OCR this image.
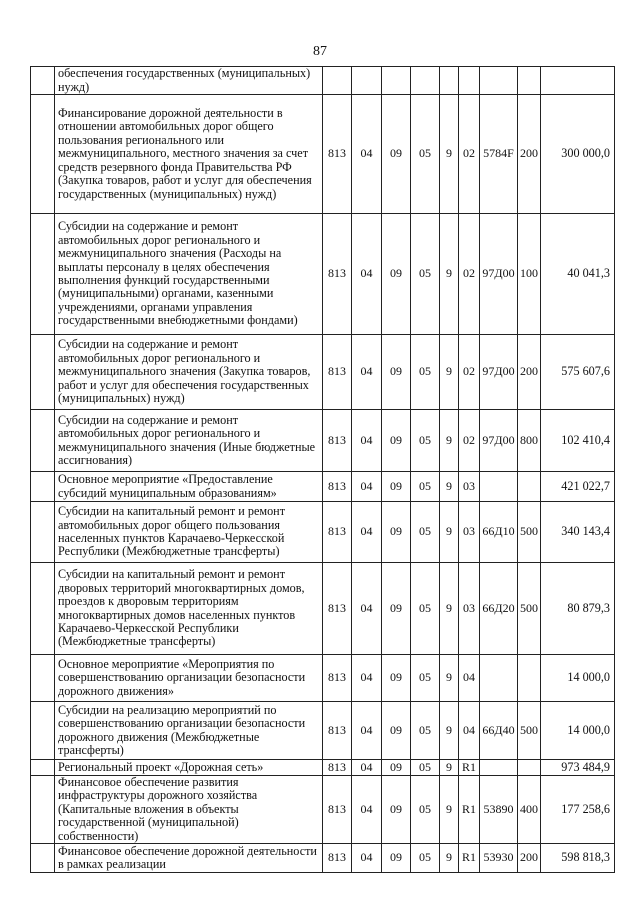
87
	обеспечения государственных (муниципальных) нужд)									
	Финансирование дорожной деятельности в отношении автомобильных дорог общего пользования регионального или межмуниципального, местного значения за счет средств резервного фонда Правительства РФ (Закупка товаров, работ и услуг для обеспечения государственных (муниципальных) нужд)	813	04	09	05	9	02	5784F	200	300 000,0
	Субсидии на содержание и ремонт автомобильных дорог регионального и межмуниципального значения (Расходы на выплаты персоналу в целях обеспечения выполнения функций государственными (муниципальными) органами, казенными учреждениями, органами управления государственными внебюджетными фондами)	813	04	09	05	9	02	97Д00	100	40 041,3
	Субсидии на содержание и ремонт автомобильных дорог регионального и межмуниципального значения (Закупка товаров, работ и услуг для обеспечения государственных (муниципальных) нужд)	813	04	09	05	9	02	97Д00	200	575 607,6
	Субсидии на содержание и ремонт автомобильных дорог регионального и межмуниципального значения (Иные бюджетные ассигнования)	813	04	09	05	9	02	97Д00	800	102 410,4
	Основное мероприятие «Предоставление субсидий муниципальным образованиям»	813	04	09	05	9	03			421 022,7
	Субсидии на капитальный ремонт и ремонт автомобильных дорог общего пользования населенных пунктов Карачаево-Черкесской Республики (Межбюджетные трансферты)	813	04	09	05	9	03	66Д10	500	340 143,4
	Субсидии на капитальный ремонт и ремонт дворовых территорий многоквартирных домов, проездов к дворовым территориям многоквартирных домов населенных пунктов Карачаево-Черкесской Республики (Межбюджетные трансферты)	813	04	09	05	9	03	66Д20	500	80 879,3
	Основное мероприятие «Мероприятия по совершенствованию организации безопасности дорожного движения»	813	04	09	05	9	04			14 000,0
	Субсидии на реализацию мероприятий по совершенствованию организации безопасности дорожного движения (Межбюджетные трансферты)	813	04	09	05	9	04	66Д40	500	14 000,0
	Региональный проект «Дорожная сеть»	813	04	09	05	9	R1			973 484,9
	Финансовое обеспечение развития инфраструктуры дорожного хозяйства (Капитальные вложения в объекты государственной (муниципальной) собственности)	813	04	09	05	9	R1	53890	400	177 258,6
	Финансовое обеспечение дорожной деятельности в рамках реализации	813	04	09	05	9	R1	53930	200	598 818,3
